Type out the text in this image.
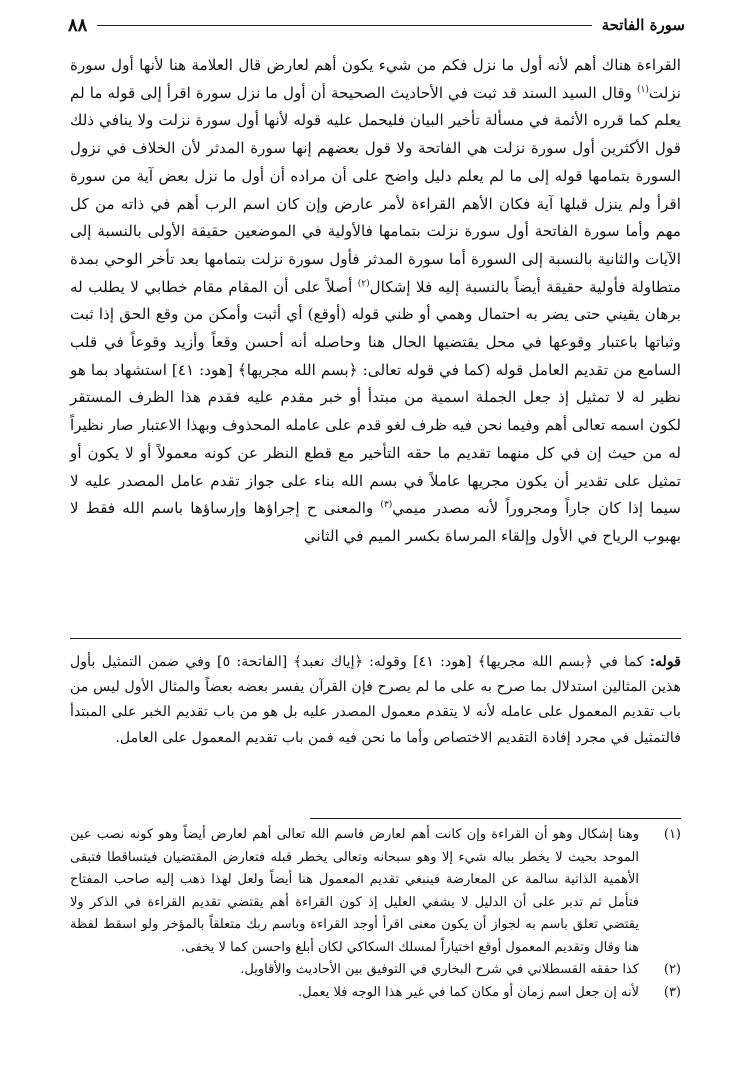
سورة الفاتحة
٨٨

القراءة هناك أهم لأنه أول ما نزل فكم من شيء يكون أهم لعارض قال العلامة هنا لأنها أول سورة نزلت$^{(١)}$ وقال السيد السند قد ثبت في الأحاديث الصحيحة أن أول ما نزل سورة اقرأ إلى قوله ما لم يعلم كما قرره الأئمة في مسألة تأخير البيان فليحمل عليه قوله لأنها أول سورة نزلت ولا ينافي ذلك قول الأكثرين أول سورة نزلت هي الفاتحة ولا قول بعضهم إنها سورة المدثر لأن الخلاف في نزول السورة بتمامها قوله إلى ما لم يعلم دليل واضح على أن مراده أن أول ما نزل بعض آية من سورة اقرأ ولم ينزل قبلها آية فكان الأهم القراءة لأمر عارض وإن كان اسم الرب أهم في ذاته من كل مهم وأما سورة الفاتحة أول سورة نزلت بتمامها فالأولية في الموضعين حقيقة الأولى بالنسبة إلى الآيات والثانية بالنسبة إلى السورة أما سورة المدثر فأول سورة نزلت بتمامها بعد تأخر الوحي بمدة متطاولة فأولية حقيقة أيضاً بالنسبة إليه فلا إشكال$^{(٢)}$ أصلاً على أن المقام مقام خطابي لا يطلب له برهان يقيني حتى يضر به احتمال وهمي أو ظني قوله (أوقع) أي أثبت وأمكن من وقع الحق إذا ثبت وثباتها باعتبار وقوعها في محل يقتضيها الحال هنا وحاصله أنه أحسن وقعاً وأزيد وقوعاً في قلب السامع من تقديم العامل قوله (كما في قوله تعالى: ﴿بسم الله مجريها﴾ [هود: ٤١] استشهاد بما هو نظير له لا تمثيل إذ جعل الجملة اسمية من مبتدأ أو خبر مقدم عليه فقدم هذا الظرف المستقر لكون اسمه تعالى أهم وفيما نحن فيه ظرف لغو قدم على عامله المحذوف وبهذا الاعتبار صار نظيراً له من حيث إن في كل منهما تقديم ما حقه التأخير مع قطع النظر عن كونه معمولاً أو لا يكون أو تمثيل على تقدير أن يكون مجريها عاملاً في بسم الله بناء على جواز تقدم عامل المصدر عليه لا سيما إذا كان جاراً ومجروراً لأنه مصدر ميمي$^{(٣)}$ والمعنى ح إجراؤها وإرساؤها باسم الله فقط لا بهبوب الرياح في الأول وإلقاء المرساة بكسر الميم في الثاني

قوله: كما في ﴿بسم الله مجريها﴾ [هود: ٤١] وقوله: ﴿إياك نعبد﴾ [الفاتحة: ٥] وفي ضمن التمثيل بأول هذين المثالين استدلال بما صرح به على ما لم يصرح فإن القرآن يفسر بعضه بعضاً والمثال الأول ليس من باب تقديم المعمول على عامله لأنه لا يتقدم معمول المصدر عليه بل هو من باب تقديم الخبر على المبتدأ فالتمثيل في مجرد إفادة التقديم الاختصاص وأما ما نحن فيه فمن باب تقديم المعمول على العامل.

(١)
وهنا إشكال وهو أن القراءة وإن كانت أهم لعارض فاسم الله تعالى أهم لعارض أيضاً وهو كونه نصب عين الموحد بحيث لا يخطر بباله شيء إلا وهو سبحانه وتعالى يخطر قبله فتعارض المقتضيان فيتساقطا فتبقى الأهمية الذاتية سالمة عن المعارضة فينبغي تقديم المعمول هنا أيضاً ولعل لهذا ذهب إليه صاحب المفتاح فتأمل ثم تدبر على أن الدليل لا يشفي العليل إذ كون القراءة أهم يقتضي تقديم القراءة في الذكر ولا يقتضي تعلق باسم به لجواز أن يكون معنى اقرأ أوجد القراءة وباسم ربك متعلقاً بالمؤخر ولو اسقط لفظة هنا وقال وتقديم المعمول أوقع اختياراً لمسلك السكاكي لكان أبلغ واحسن كما لا يخفى.
(٢)
كذا حققه القسطلاني في شرح البخاري في التوفيق بين الأحاديث والأقاويل.
(٣)
لأنه إن جعل اسم زمان أو مكان كما في غير هذا الوجه فلا يعمل.
